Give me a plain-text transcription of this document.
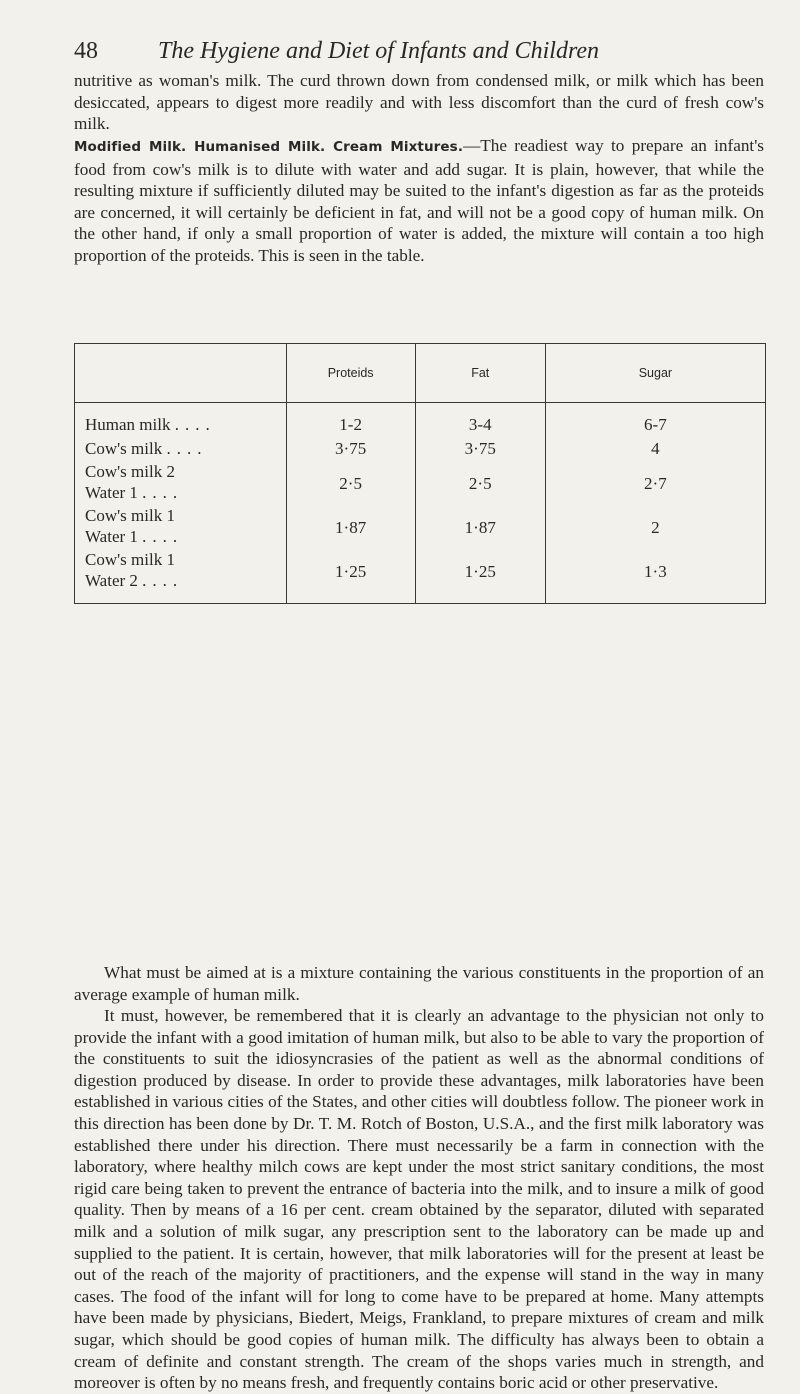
48	The Hygiene and Diet of Infants and Children

nutritive as woman's milk. The curd thrown down from condensed milk, or milk which has been desiccated, appears to digest more readily and with less discomfort than the curd of fresh cow's milk.

Modified Milk. Humanised Milk. Cream Mixtures.—The readiest way to prepare an infant's food from cow's milk is to dilute with water and add sugar. It is plain, however, that while the resulting mixture if sufficiently diluted may be suited to the infant's digestion as far as the proteids are concerned, it will certainly be deficient in fat, and will not be a good copy of human milk. On the other hand, if only a small proportion of water is added, the mixture will contain a too high proportion of the proteids. This is seen in the table.

	Proteids	Fat	Sugar
Human milk ....	1-2	3-4	6-7
Cow's milk ....	3·75	3·75	4

Cow's milk 2
Water 1 ....	2·5	2·5	2·7

Cow's milk 1
Water 1 ....	1·87	1·87	2

Cow's milk 1
Water 2 ....	1·25	1·25	1·3

What must be aimed at is a mixture containing the various constituents in the proportion of an average example of human milk.

It must, however, be remembered that it is clearly an advantage to the physician not only to provide the infant with a good imitation of human milk, but also to be able to vary the proportion of the constituents to suit the idiosyncrasies of the patient as well as the abnormal conditions of digestion produced by disease. In order to provide these advantages, milk laboratories have been established in various cities of the States, and other cities will doubtless follow. The pioneer work in this direction has been done by Dr. T. M. Rotch of Boston, U.S.A., and the first milk laboratory was established there under his direction. There must necessarily be a farm in connection with the laboratory, where healthy milch cows are kept under the most strict sanitary conditions, the most rigid care being taken to prevent the entrance of bacteria into the milk, and to insure a milk of good quality. Then by means of a 16 per cent. cream obtained by the separator, diluted with separated milk and a solution of milk sugar, any prescription sent to the laboratory can be made up and supplied to the patient. It is certain, however, that milk laboratories will for the present at least be out of the reach of the majority of practitioners, and the expense will stand in the way in many cases. The food of the infant will for long to come have to be prepared at home. Many attempts have been made by physicians, Biedert, Meigs, Frankland, to prepare mixtures of cream and milk sugar, which should be good copies of human milk. The difficulty has always been to obtain a cream of definite and constant strength. The cream of the shops varies much in strength, and moreover is often by no means fresh, and frequently contains boric acid or other preservative.
